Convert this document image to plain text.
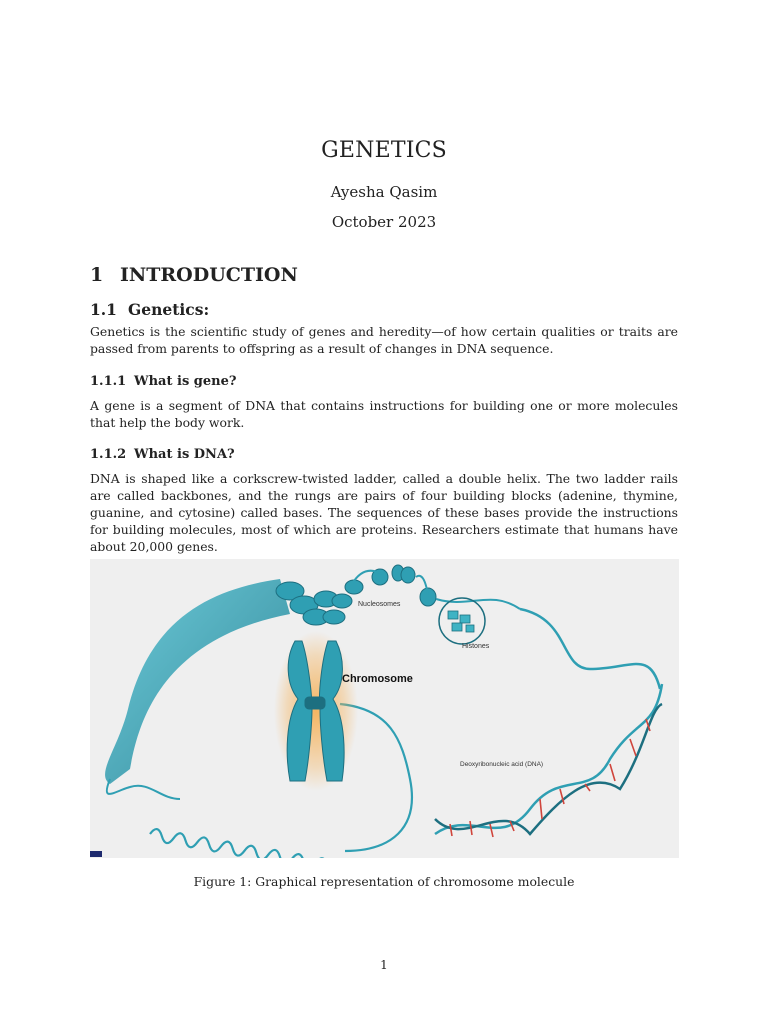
GENETICS
Ayesha Qasim
October 2023
1 INTRODUCTION
1.1 Genetics:
Genetics is the scientific study of genes and heredity—of how certain qualities or traits are passed from parents to offspring as a result of changes in DNA sequence.
1.1.1 What is gene?
A gene is a segment of DNA that contains instructions for building one or more molecules that help the body work.
1.1.2 What is DNA?
DNA is shaped like a corkscrew-twisted ladder, called a double helix. The two ladder rails are called backbones, and the rungs are pairs of four building blocks (adenine, thymine, guanine, and cytosine) called bases. The sequences of these bases provide the instructions for building molecules, most of which are proteins. Researchers estimate that humans have about 20,000 genes.
Nucleosomes
Histones
Chromosome
Deoxyribonucleic acid (DNA)
Figure 1: Graphical representation of chromosome molecule
1
